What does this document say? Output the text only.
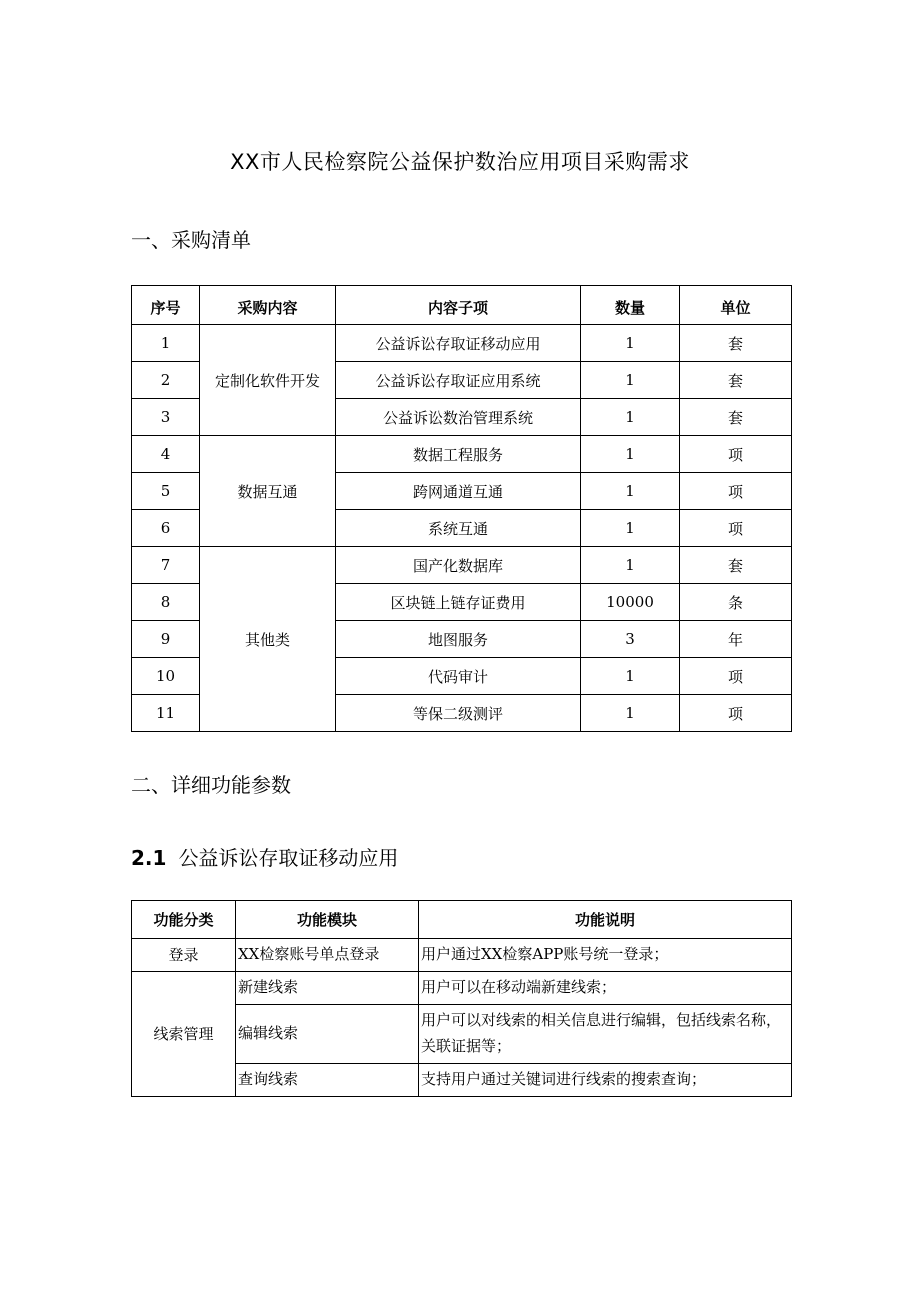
XX市人民检察院公益保护数治应用项目采购需求
一、采购清单
序号	采购内容	内容子项	数量	单位
1	定制化软件开发	公益诉讼存取证移动应用	1	套
2		公益诉讼存取证应用系统	1	套
3		公益诉讼数治管理系统	1	套
4	数据互通	数据工程服务	1	项
5		跨网通道互通	1	项
6		系统互通	1	项
7	其他类	国产化数据库	1	套
8		区块链上链存证费用	10000	条
9		地图服务	3	年
10		代码审计	1	项
11		等保二级测评	1	项
二、详细功能参数
2.1 公益诉讼存取证移动应用
功能分类	功能模块	功能说明
登录	XX检察账号单点登录	用户通过XX检察APP账号统一登录；
线索管理	新建线索	用户可以在移动端新建线索；
	编辑线索	用户可以对线索的相关信息进行编辑，包括线索名称，关联证据等；
	查询线索	支持用户通过关键词进行线索的搜索查询；
